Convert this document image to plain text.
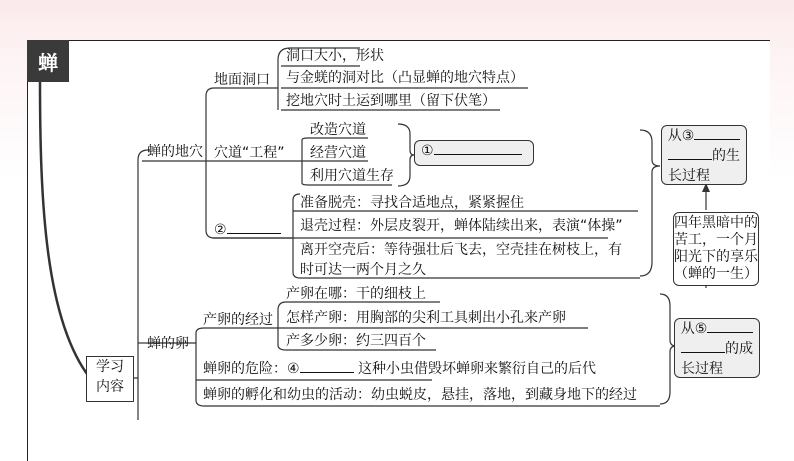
蝉
学习
内容
蝉的地穴
地面洞口
洞口大小，形状
与金蜣的洞对比（凸显蝉的地穴特点）
挖地穴时土运到哪里（留下伏笔）
穴道“工程”
改造穴道
经营穴道
利用穴道生存
①
②
准备脱壳：寻找合适地点，紧紧握住
退壳过程：外层皮裂开，蝉体陆续出来，表演“体操”
离开空壳后：等待强壮后飞去，空壳挂在树枝上，有
时可达一两个月之久
蝉的卵
产卵的经过
产卵在哪：干的细枝上
怎样产卵：用胸部的尖利工具刺出小孔来产卵
产多少卵：约三四百个
蝉卵的危险：④	这种小虫借毁坏蝉卵来繁衍自己的后代
蝉卵的孵化和幼虫的活动：幼虫蜕皮，悬挂，落地，到藏身地下的经过
从③
的生
长过程
四年黑暗中的
苦工，一个月
阳光下的享乐
（蝉的一生）
从⑤
的成
长过程
